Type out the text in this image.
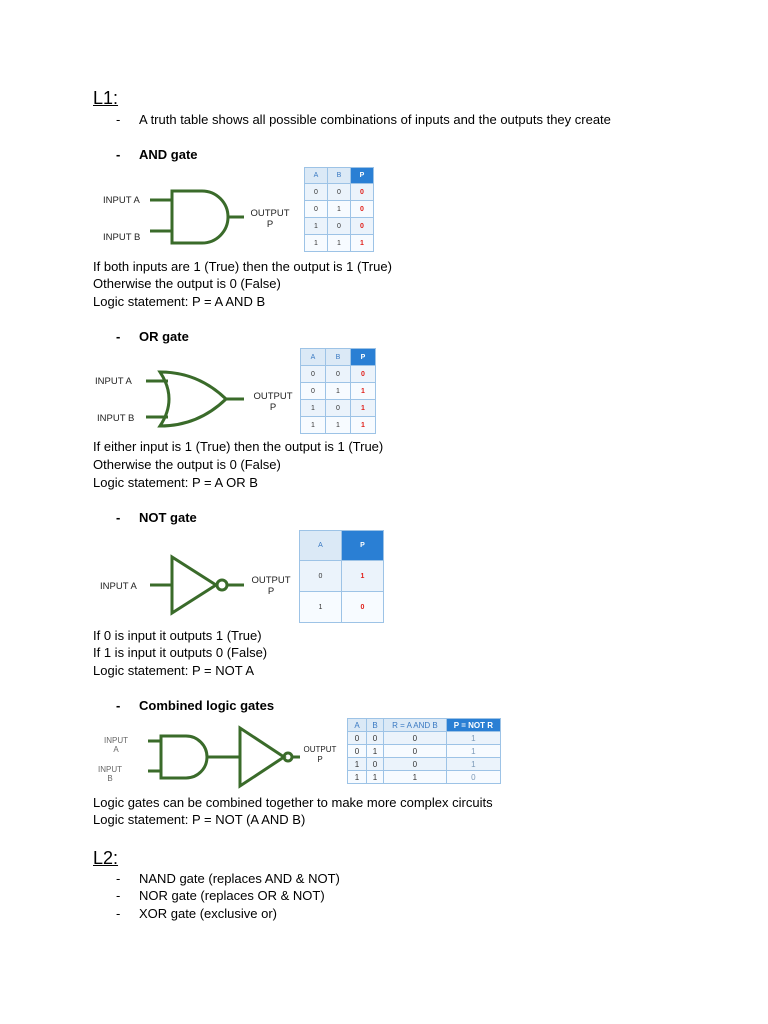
L1:
- A truth table shows all possible combinations of inputs and the outputs they create
- AND gate
INPUT A
INPUT B
OUTPUT
P
A	B	P
0	0	0
0	1	0
1	0	0
1	1	1
If both inputs are 1 (True) then the output is 1 (True)
Otherwise the output is 0 (False)
Logic statement: P = A AND B
- OR gate
INPUT A
INPUT B
OUTPUT
P
A	B	P
0	0	0
0	1	1
1	0	1
1	1	1
If either input is 1 (True) then the output is 1 (True)
Otherwise the output is 0 (False)
Logic statement: P = A OR B
- NOT gate
INPUT A
OUTPUT
P
A	P
0	1
1	0
If 0 is input it outputs 1 (True)
If 1 is input it outputs 0 (False)
Logic statement: P = NOT A
- Combined logic gates
INPUT
A
INPUT
B
OUTPUT
P
A	B	R = A AND B	P = NOT R
0	0	0	1
0	1	0	1
1	0	0	1
1	1	1	0
Logic gates can be combined together to make more complex circuits
Logic statement: P = NOT (A AND B)
L2:
- NAND gate (replaces AND & NOT)
- NOR gate (replaces OR & NOT)
- XOR gate (exclusive or)
